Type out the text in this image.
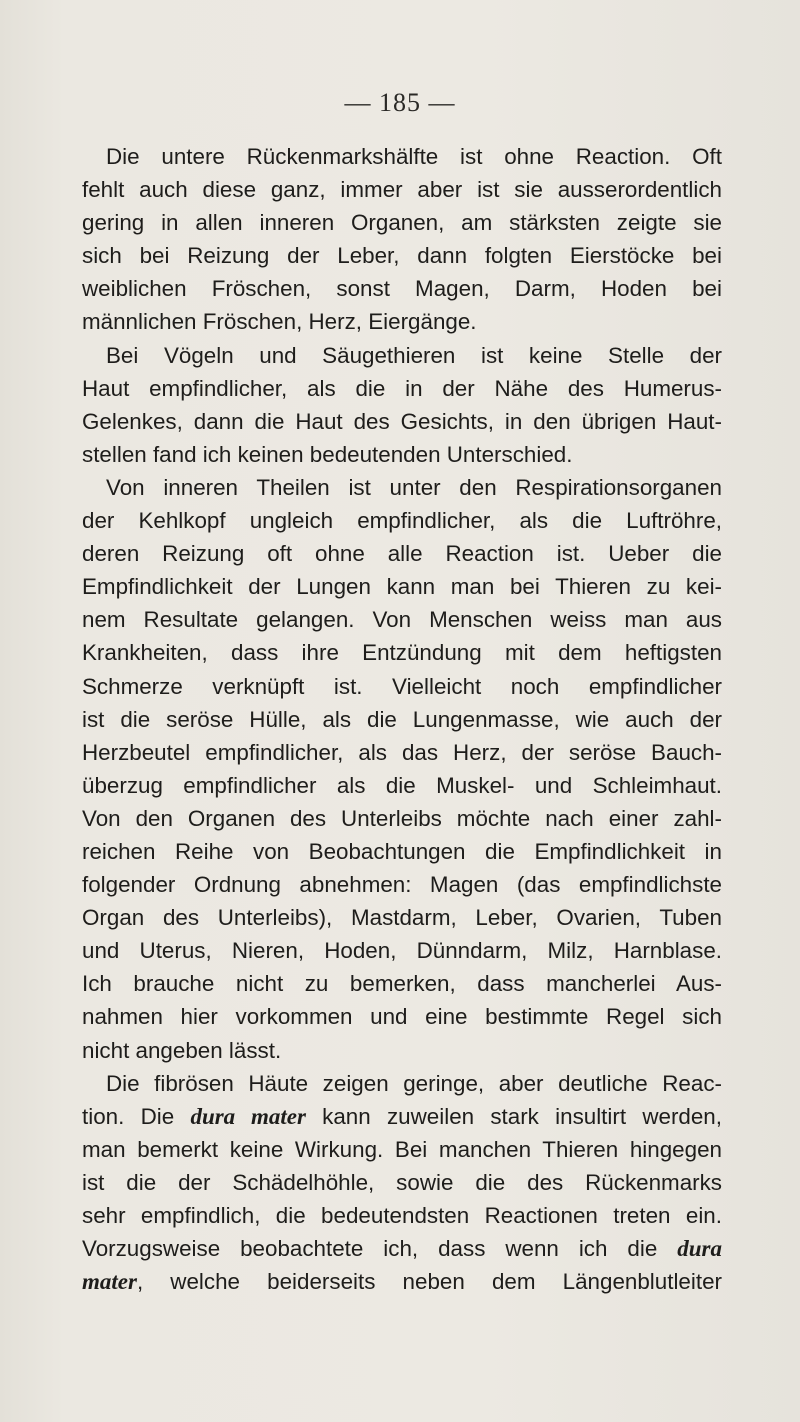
— 185 —
Die untere Rückenmarkshälfte ist ohne Reaction. Oft
fehlt auch diese ganz, immer aber ist sie ausserordentlich
gering in allen inneren Organen, am stärksten zeigte sie
sich bei Reizung der Leber, dann folgten Eierstöcke bei
weiblichen Fröschen, sonst Magen, Darm, Hoden bei
männlichen Fröschen, Herz, Eiergänge.
Bei Vögeln und Säugethieren ist keine Stelle der
Haut empfindlicher, als die in der Nähe des Humerus-
Gelenkes, dann die Haut des Gesichts, in den übrigen Haut-
stellen fand ich keinen bedeutenden Unterschied.
Von inneren Theilen ist unter den Respirationsorganen
der Kehlkopf ungleich empfindlicher, als die Luftröhre,
deren Reizung oft ohne alle Reaction ist. Ueber die
Empfindlichkeit der Lungen kann man bei Thieren zu kei-
nem Resultate gelangen. Von Menschen weiss man aus
Krankheiten, dass ihre Entzündung mit dem heftigsten
Schmerze verknüpft ist. Vielleicht noch empfindlicher
ist die seröse Hülle, als die Lungenmasse, wie auch der
Herzbeutel empfindlicher, als das Herz, der seröse Bauch-
überzug empfindlicher als die Muskel- und Schleimhaut.
Von den Organen des Unterleibs möchte nach einer zahl-
reichen Reihe von Beobachtungen die Empfindlichkeit in
folgender Ordnung abnehmen: Magen (das empfindlichste
Organ des Unterleibs), Mastdarm, Leber, Ovarien, Tuben
und Uterus, Nieren, Hoden, Dünndarm, Milz, Harnblase.
Ich brauche nicht zu bemerken, dass mancherlei Aus-
nahmen hier vorkommen und eine bestimmte Regel sich
nicht angeben lässt.
Die fibrösen Häute zeigen geringe, aber deutliche Reac-
tion. Die dura mater kann zuweilen stark insultirt werden,
man bemerkt keine Wirkung. Bei manchen Thieren hingegen
ist die der Schädelhöhle, sowie die des Rückenmarks
sehr empfindlich, die bedeutendsten Reactionen treten ein.
Vorzugsweise beobachtete ich, dass wenn ich die dura
mater, welche beiderseits neben dem Längenblutleiter
